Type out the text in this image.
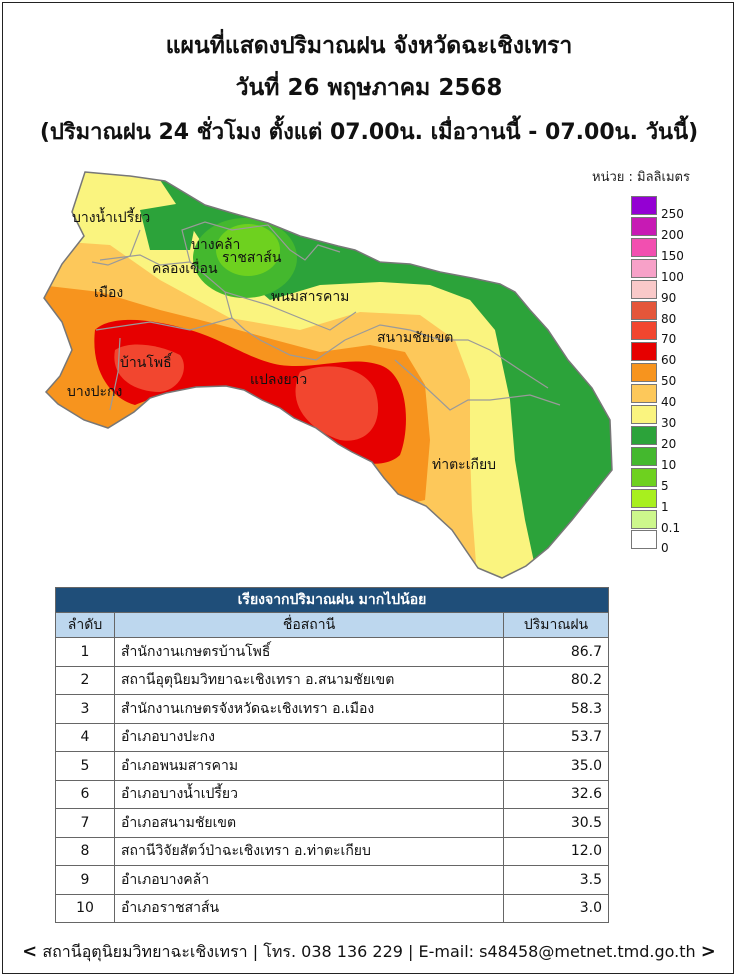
แผนที่แสดงปริมาณฝน จังหวัดฉะเชิงเทรา
วันที่ 26 พฤษภาคม 2568
(ปริมาณฝน 24 ชั่วโมง ตั้งแต่ 07.00น. เมื่อวานนี้ - 07.00น. วันนี้)
บางน้ำเปรี้ยว
บางคล้า
ราชสาส์น
คลองเขื่อน
เมือง	พนมสารคาม
สนามชัยเขต
บ้านโพธิ์
แปลงยาว
บางปะกง
ท่าตะเกียบ
หน่วย : มิลลิเมตร
250
200
150
100
90
80
70
60
50
40
30
20
10
5
1
0.1
0
เรียงจากปริมาณฝน มากไปน้อย		
ลำดับ	ชื่อสถานี	ปริมาณฝน
1	สำนักงานเกษตรบ้านโพธิ์	86.7
2	สถานีอุตุนิยมวิทยาฉะเชิงเทรา อ.สนามชัยเขต	80.2
3	สำนักงานเกษตรจังหวัดฉะเชิงเทรา อ.เมือง	58.3
4	อำเภอบางปะกง	53.7
5	อำเภอพนมสารคาม	35.0
6	อำเภอบางน้ำเปรี้ยว	32.6
7	อำเภอสนามชัยเขต	30.5
8	สถานีวิจัยสัตว์ป่าฉะเชิงเทรา อ.ท่าตะเกียบ	12.0
9	อำเภอบางคล้า	3.5
10	อำเภอราชสาส์น	3.0
< สถานีอุตุนิยมวิทยาฉะเชิงเทรา | โทร. 038 136 229 | E-mail: s48458@metnet.tmd.go.th >
